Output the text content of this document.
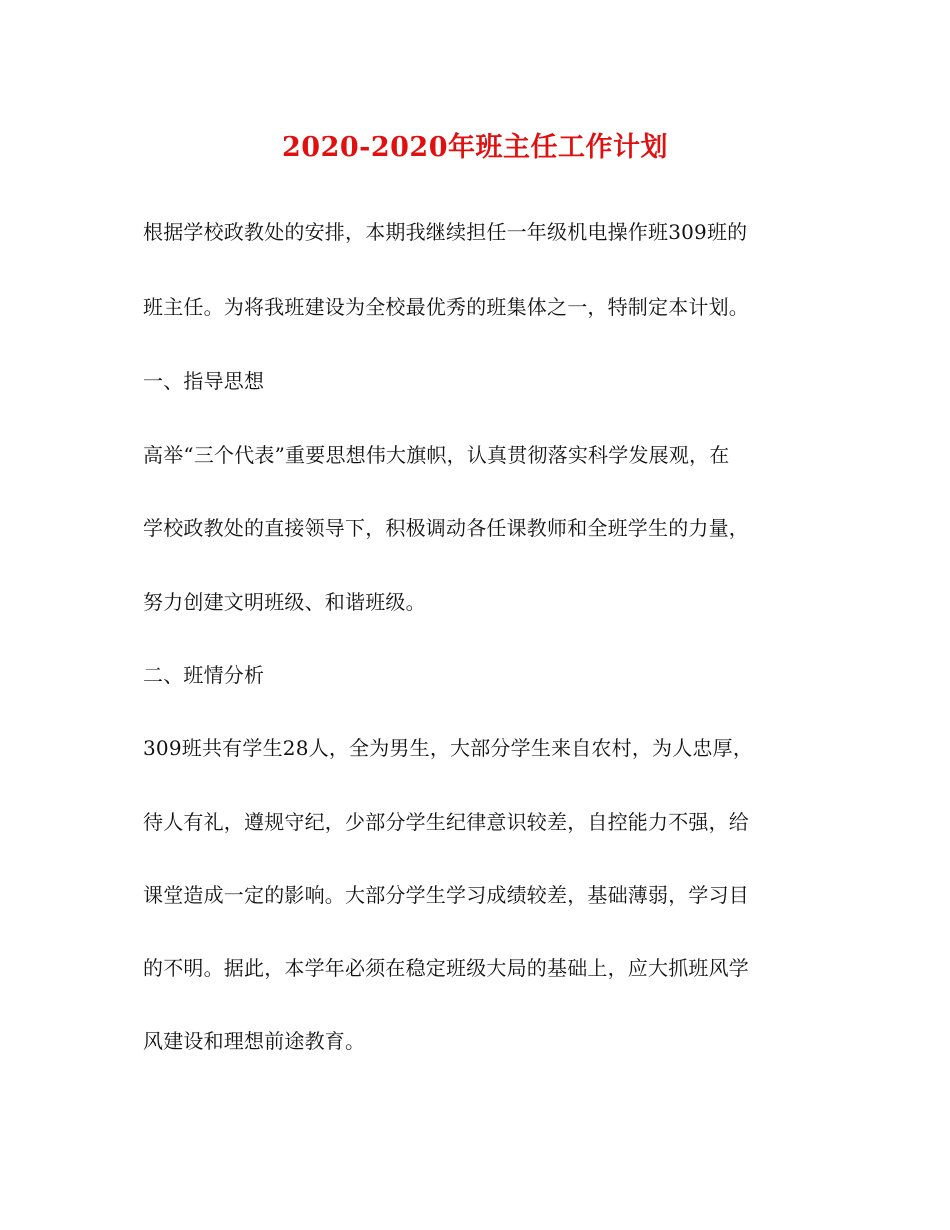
2020-2020年班主任工作计划
根据学校政教处的安排，本期我继续担任一年级机电操作班309班的
班主任。为将我班建设为全校最优秀的班集体之一，特制定本计划。
一、指导思想
高举“三个代表”重要思想伟大旗帜，认真贯彻落实科学发展观，在
学校政教处的直接领导下，积极调动各任课教师和全班学生的力量，
努力创建文明班级、和谐班级。
二、班情分析
309班共有学生28人，全为男生，大部分学生来自农村，为人忠厚，
待人有礼，遵规守纪，少部分学生纪律意识较差，自控能力不强，给
课堂造成一定的影响。大部分学生学习成绩较差，基础薄弱，学习目
的不明。据此，本学年必须在稳定班级大局的基础上，应大抓班风学
风建设和理想前途教育。
